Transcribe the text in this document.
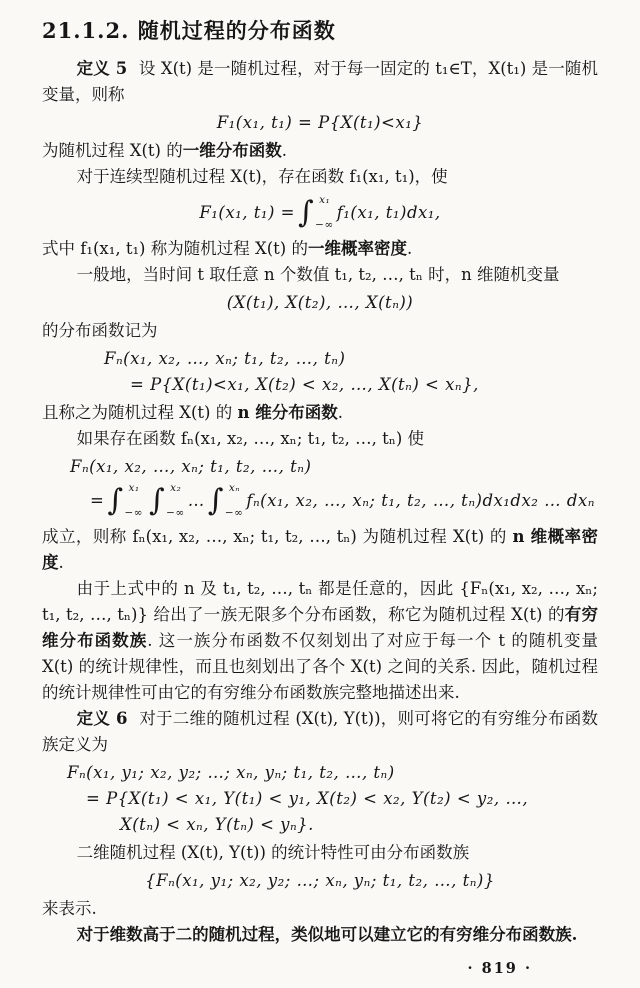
21.1.2. 随机过程的分布函数

定义 5 设 X(t) 是一随机过程，对于每一固定的 t₁∈T，X(t₁) 是一随机变量，则称

F₁(x₁, t₁) = P{X(t₁)<x₁}

为随机过程 X(t) 的一维分布函数.

对于连续型随机过程 X(t)，存在函数 f₁(x₁, t₁)，使

F₁(x₁, t₁) = ∫ x₁
−∞
f₁(x₁, t₁)dx₁,

式中 f₁(x₁, t₁) 称为随机过程 X(t) 的一维概率密度.

一般地，当时间 t 取任意 n 个数值 t₁, t₂, …, tₙ 时，n 维随机变量

(X(t₁), X(t₂), …, X(tₙ))

的分布函数记为

Fₙ(x₁, x₂, …, xₙ; t₁, t₂, …, tₙ)
= P{X(t₁)<x₁, X(t₂) < x₂, …, X(tₙ) < xₙ},

且称之为随机过程 X(t) 的 n 维分布函数.

如果存在函数 fₙ(x₁, x₂, …, xₙ; t₁, t₂, …, tₙ) 使

Fₙ(x₁, x₂, …, xₙ; t₁, t₂, …, tₙ)
= ∫ x₁
−∞ ∫ x₂
−∞
… ∫ xₙ
−∞
fₙ(x₁, x₂, …, xₙ; t₁, t₂, …, tₙ)dx₁dx₂ … dxₙ

成立，则称 fₙ(x₁, x₂, …, xₙ; t₁, t₂, …, tₙ) 为随机过程 X(t) 的 n 维概率密度.

由于上式中的 n 及 t₁, t₂, …, tₙ 都是任意的，因此 {Fₙ(x₁, x₂, …, xₙ; t₁, t₂, …, tₙ)} 给出了一族无限多个分布函数，称它为随机过程 X(t) 的有穷维分布函数族. 这一族分布函数不仅刻划出了对应于每一个 t 的随机变量 X(t) 的统计规律性，而且也刻划出了各个 X(t) 之间的关系. 因此，随机过程的统计规律性可由它的有穷维分布函数族完整地描述出来.

定义 6 对于二维的随机过程 (X(t), Y(t))，则可将它的有穷维分布函数族定义为

Fₙ(x₁, y₁; x₂, y₂; …; xₙ, yₙ; t₁, t₂, …, tₙ)
= P{X(t₁) < x₁, Y(t₁) < y₁, X(t₂) < x₂, Y(t₂) < y₂, …,
X(tₙ) < xₙ, Y(tₙ) < yₙ}.

二维随机过程 (X(t), Y(t)) 的统计特性可由分布函数族

{Fₙ(x₁, y₁; x₂, y₂; …; xₙ, yₙ; t₁, t₂, …, tₙ)}

来表示.

对于维数高于二的随机过程，类似地可以建立它的有穷维分布函数族.

· 819 ·
